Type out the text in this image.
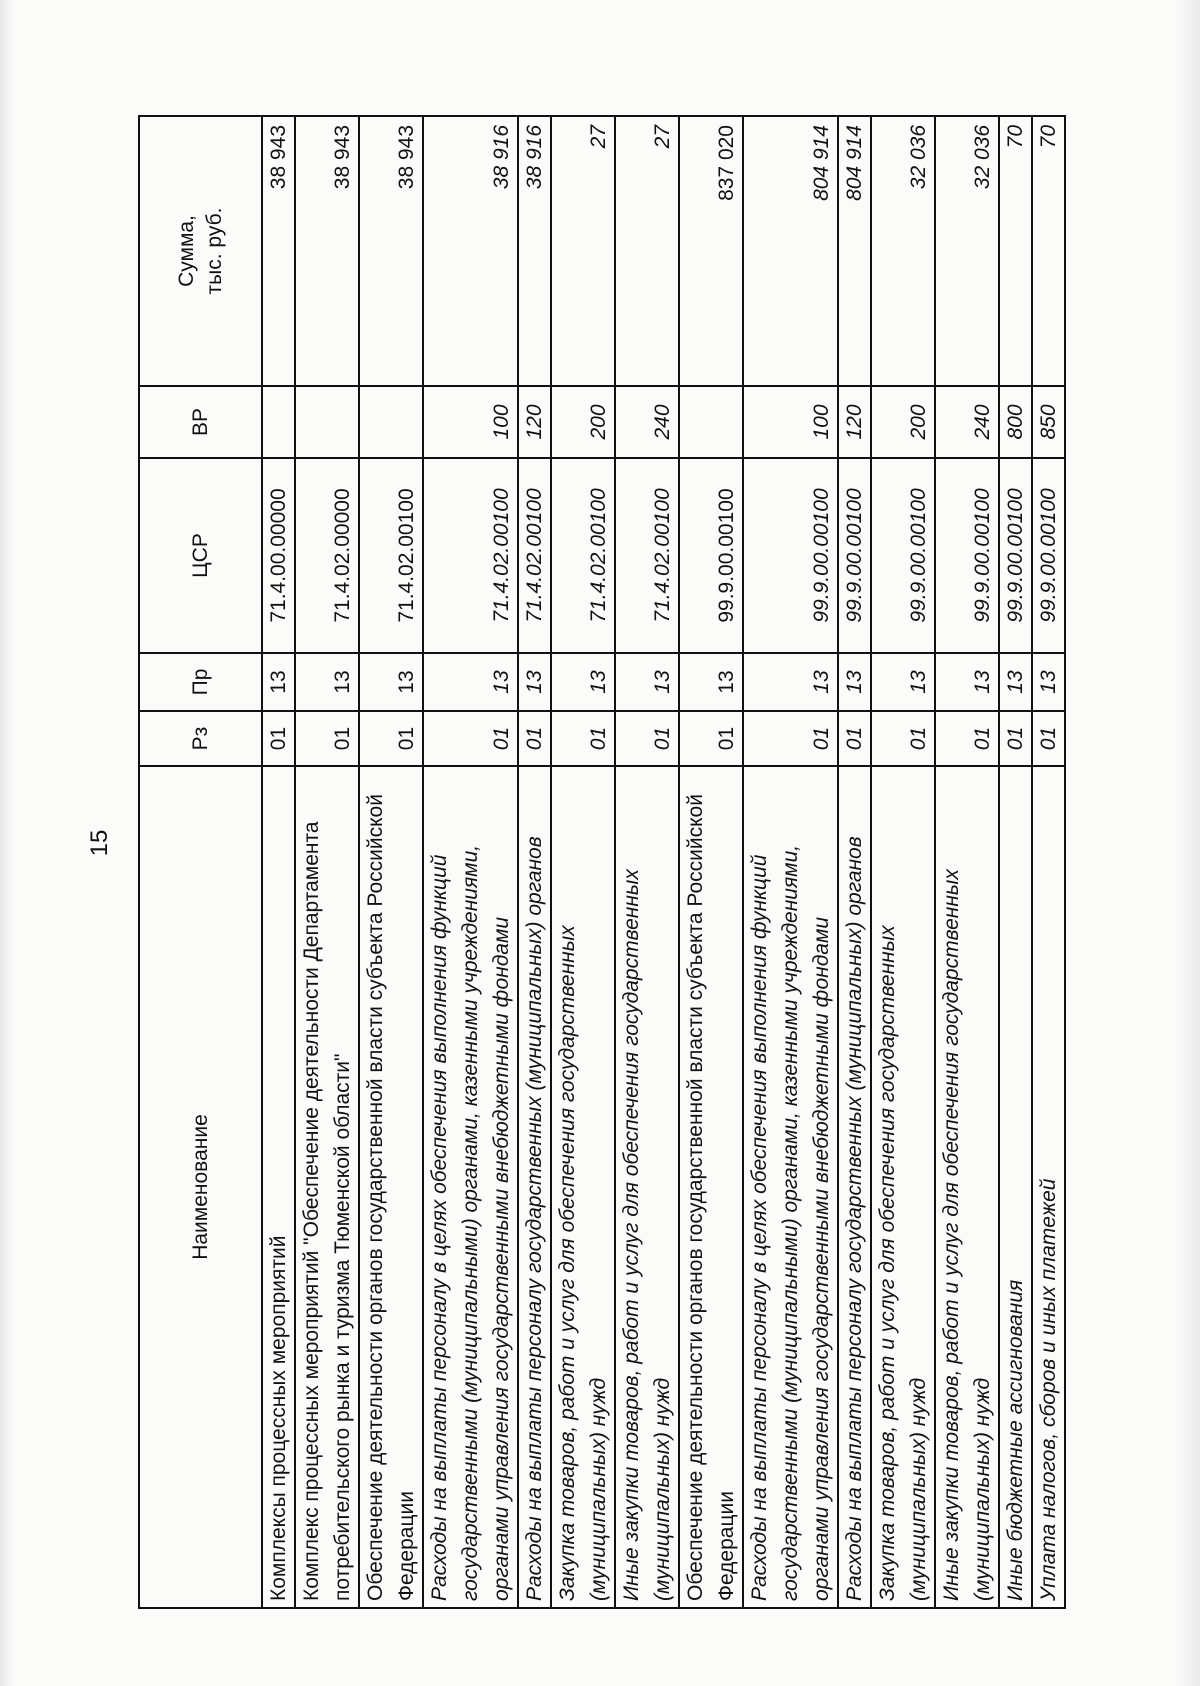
15
Наименование	Рз	Пр	ЦСР	ВР	Сумма, тыс. руб.

Комплексы процессных мероприятий	01	13	71.4.00.00000		38 943
Комплекс процессных мероприятий "Обеспечение деятельности Департамента потребительского рынка и туризма Тюменской области"	01	13	71.4.02.00000		38 943
Обеспечение деятельности органов государственной власти субъекта Российской Федерации	01	13	71.4.02.00100		38 943
Расходы на выплаты персоналу в целях обеспечения выполнения функций государственными (муниципальными) органами, казенными учреждениями, органами управления государственными внебюджетными фондами	01	13	71.4.02.00100	100	38 916
Расходы на выплаты персоналу государственных (муниципальных) органов	01	13	71.4.02.00100	120	38 916
Закупка товаров, работ и услуг для обеспечения государственных (муниципальных) нужд	01	13	71.4.02.00100	200	27
Иные закупки товаров, работ и услуг для обеспечения государственных (муниципальных) нужд	01	13	71.4.02.00100	240	27
Обеспечение деятельности органов государственной власти субъекта Российской Федерации	01	13	99.9.00.00100		837 020
Расходы на выплаты персоналу в целях обеспечения выполнения функций государственными (муниципальными) органами, казенными учреждениями, органами управления государственными внебюджетными фондами	01	13	99.9.00.00100	100	804 914
Расходы на выплаты персоналу государственных (муниципальных) органов	01	13	99.9.00.00100	120	804 914
Закупка товаров, работ и услуг для обеспечения государственных (муниципальных) нужд	01	13	99.9.00.00100	200	32 036
Иные закупки товаров, работ и услуг для обеспечения государственных (муниципальных) нужд	01	13	99.9.00.00100	240	32 036
Иные бюджетные ассигнования	01	13	99.9.00.00100	800	70
Уплата налогов, сборов и иных платежей	01	13	99.9.00.00100	850	70
